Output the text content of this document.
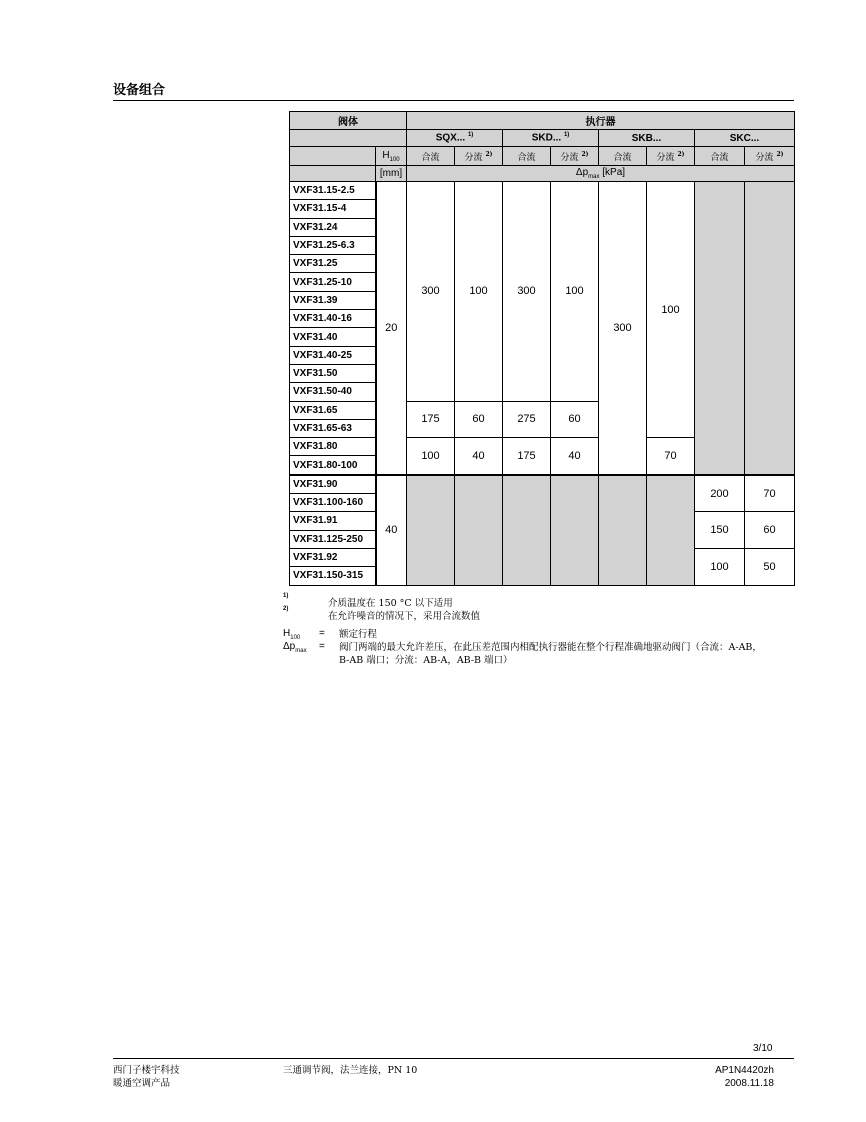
设备组合
阀体		执行器							
		SQX... $^{1)}$		SKD... $^{1)}$		SKB...		SKC...	
	$H_{100}$	合流	分流 $^{2)}$	合流	分流 $^{2)}$	合流	分流 $^{2)}$	合流	分流 $^{2)}$
	[mm]	$\Delta p_{max}$ [kPa]							
VXF31.15-2.5	20	300	100	300	100	300	100		
VXF31.15-4									
VXF31.24									
VXF31.25-6.3									
VXF31.25									
VXF31.25-10									
VXF31.39									
VXF31.40-16									
VXF31.40									
VXF31.40-25									
VXF31.50									
VXF31.50-40									
VXF31.65		175	60	275	60				
VXF31.65-63									
VXF31.80		100	40	175	40		70		
VXF31.80-100									
VXF31.90	40							200	70
VXF31.100-160									
VXF31.91								150	60
VXF31.125-250									
VXF31.92								100	50
VXF31.150-315									
1)
介质温度在 150 °C 以下适用
2)
在允许噪音的情况下，采用合流数值
$H_{100}$ = 额定行程
$\Delta p_{max}$ = 阀门两端的最大允许差压，在此压差范围内相配执行器能在整个行程准确地驱动阀门（合流：A-AB，B-AB 端口；分流：AB-A，AB-B 端口）
3/10
西门子楼宇科技
暖通空调产品
三通调节阀，法兰连接，PN 10	AP1N4420zh
2008.11.18
